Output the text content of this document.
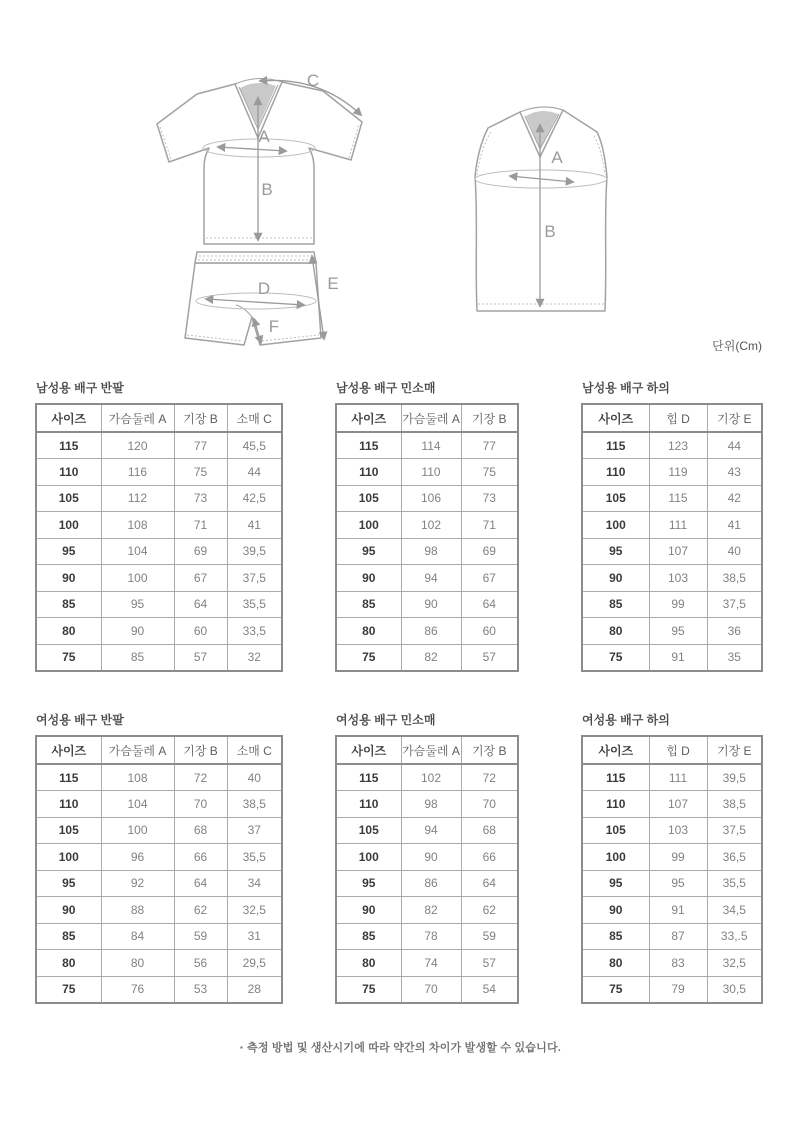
A
B
C
D	E
F
A
B
단위(Cm)
남성용 배구 반팔
사이즈	가슴둘레 A	기장 B	소매 C
115	120	77	45,5
110	116	75	44
105	112	73	42,5
100	108	71	41
95	104	69	39,5
90	100	67	37,5
85	95	64	35,5
80	90	60	33,5
75	85	57	32
남성용 배구 민소매
사이즈	가슴둘레 A	기장 B
115	114	77
110	110	75
105	106	73
100	102	71
95	98	69
90	94	67
85	90	64
80	86	60
75	82	57
남성용 배구 하의
사이즈	힙 D	기장 E
115	123	44
110	119	43
105	115	42
100	111	41
95	107	40
90	103	38,5
85	99	37,5
80	95	36
75	91	35
여성용 배구 반팔
사이즈	가슴둘레 A	기장 B	소매 C
115	108	72	40
110	104	70	38,5
105	100	68	37
100	96	66	35,5
95	92	64	34
90	88	62	32,5
85	84	59	31
80	80	56	29,5
75	76	53	28
여성용 배구 민소매
사이즈	가슴둘레 A	기장 B
115	102	72
110	98	70
105	94	68
100	90	66
95	86	64
90	82	62
85	78	59
80	74	57
75	70	54
여성용 배구 하의
사이즈	힙 D	기장 E
115	111	39,5
110	107	38,5
105	103	37,5
100	99	36,5
95	95	35,5
90	91	34,5
85	87	33,.5
80	83	32,5
75	79	30,5
▪ 측정 방법 및 생산시기에 따라 약간의 차이가 발생할 수 있습니다.
